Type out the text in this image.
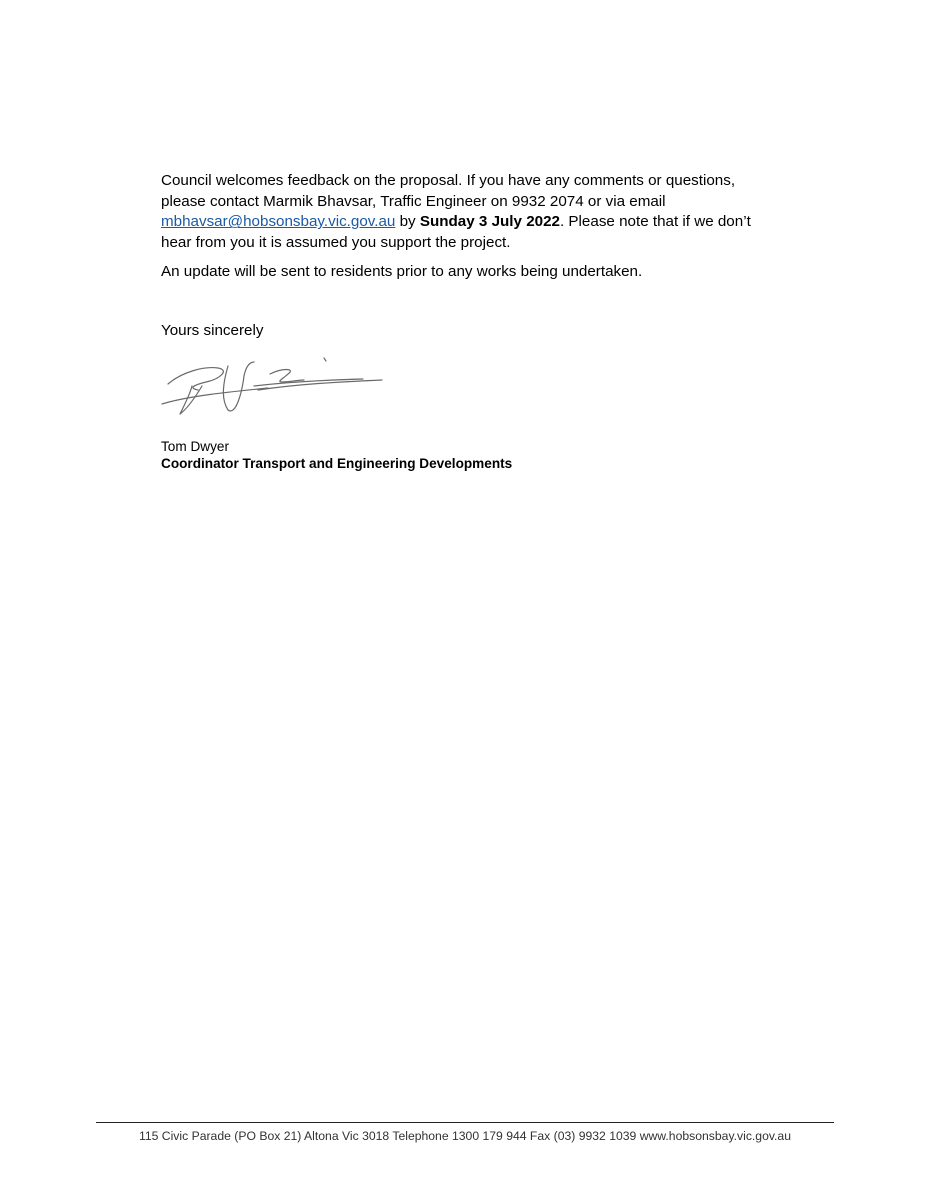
Council welcomes feedback on the proposal. If you have any comments or questions, please contact Marmik Bhavsar, Traffic Engineer on 9932 2074 or via email mbhavsar@hobsonsbay.vic.gov.au by Sunday 3 July 2022. Please note that if we don’t hear from you it is assumed you support the project.

An update will be sent to residents prior to any works being undertaken.

Yours sincerely

Tom Dwyer
Coordinator Transport and Engineering Developments
115 Civic Parade (PO Box 21) Altona Vic 3018 Telephone 1300 179 944 Fax (03) 9932 1039 www.hobsonsbay.vic.gov.au
